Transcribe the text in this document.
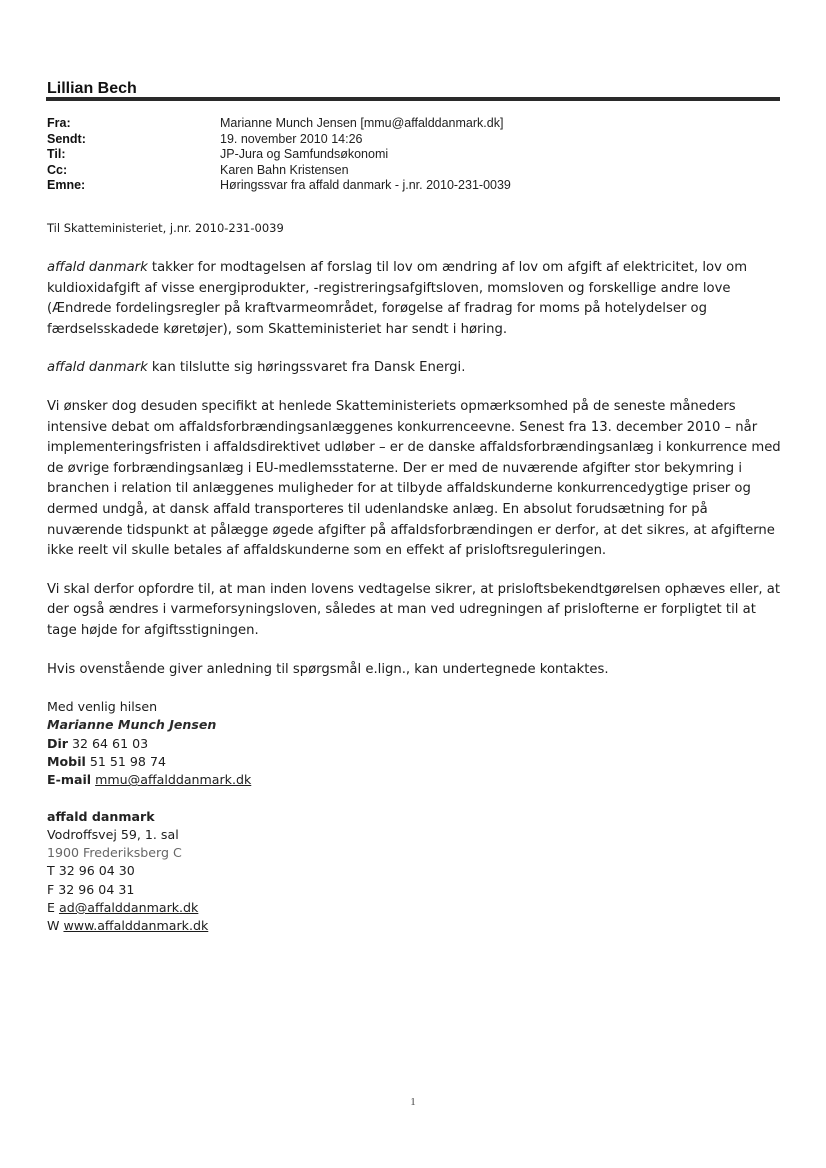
Lillian Bech
Fra:	Marianne Munch Jensen [mmu@affalddanmark.dk]
Sendt:	19. november 2010 14:26
Til:	JP-Jura og Samfundsøkonomi
Cc:	Karen Bahn Kristensen
Emne:	Høringssvar fra affald danmark - j.nr. 2010-231-0039

Til Skatteministeriet, j.nr. 2010-231-0039

affald danmark takker for modtagelsen af forslag til lov om ændring af lov om afgift af elektricitet, lov om kuldioxidafgift af visse energiprodukter, -registreringsafgiftsloven, momsloven og forskellige andre love (Ændrede fordelingsregler på kraftvarmeområdet, forøgelse af fradrag for moms på hotelydelser og færdselsskadede køretøjer), som Skatteministeriet har sendt i høring.

affald danmark kan tilslutte sig høringssvaret fra Dansk Energi.

Vi ønsker dog desuden specifikt at henlede Skatteministeriets opmærksomhed på de seneste måneders intensive debat om affaldsforbrændingsanlæggenes konkurrenceevne. Senest fra 13. december 2010 – når implementeringsfristen i affaldsdirektivet udløber – er de danske affaldsforbrændingsanlæg i konkurrence med de øvrige forbrændingsanlæg i EU-medlemsstaterne. Der er med de nuværende afgifter stor bekymring i branchen i relation til anlæggenes muligheder for at tilbyde affaldskunderne konkurrencedygtige priser og dermed undgå, at dansk affald transporteres til udenlandske anlæg. En absolut forudsætning for på nuværende tidspunkt at pålægge øgede afgifter på affaldsforbrændingen er derfor, at det sikres, at afgifterne ikke reelt vil skulle betales af affaldskunderne som en effekt af prisloftsreguleringen.

Vi skal derfor opfordre til, at man inden lovens vedtagelse sikrer, at prisloftsbekendtgørelsen ophæves eller, at der også ændres i varmeforsyningsloven, således at man ved udregningen af prislofterne er forpligtet til at tage højde for afgiftsstigningen.

Hvis ovenstående giver anledning til spørgsmål e.lign., kan undertegnede kontaktes.

Med venlig hilsen
Marianne Munch Jensen
Dir 32 64 61 03
Mobil 51 51 98 74
E-mail mmu@affalddanmark.dk
affald danmark
Vodroffsvej 59, 1. sal
1900 Frederiksberg C
T 32 96 04 30
F 32 96 04 31
E ad@affalddanmark.dk
W www.affalddanmark.dk
1
